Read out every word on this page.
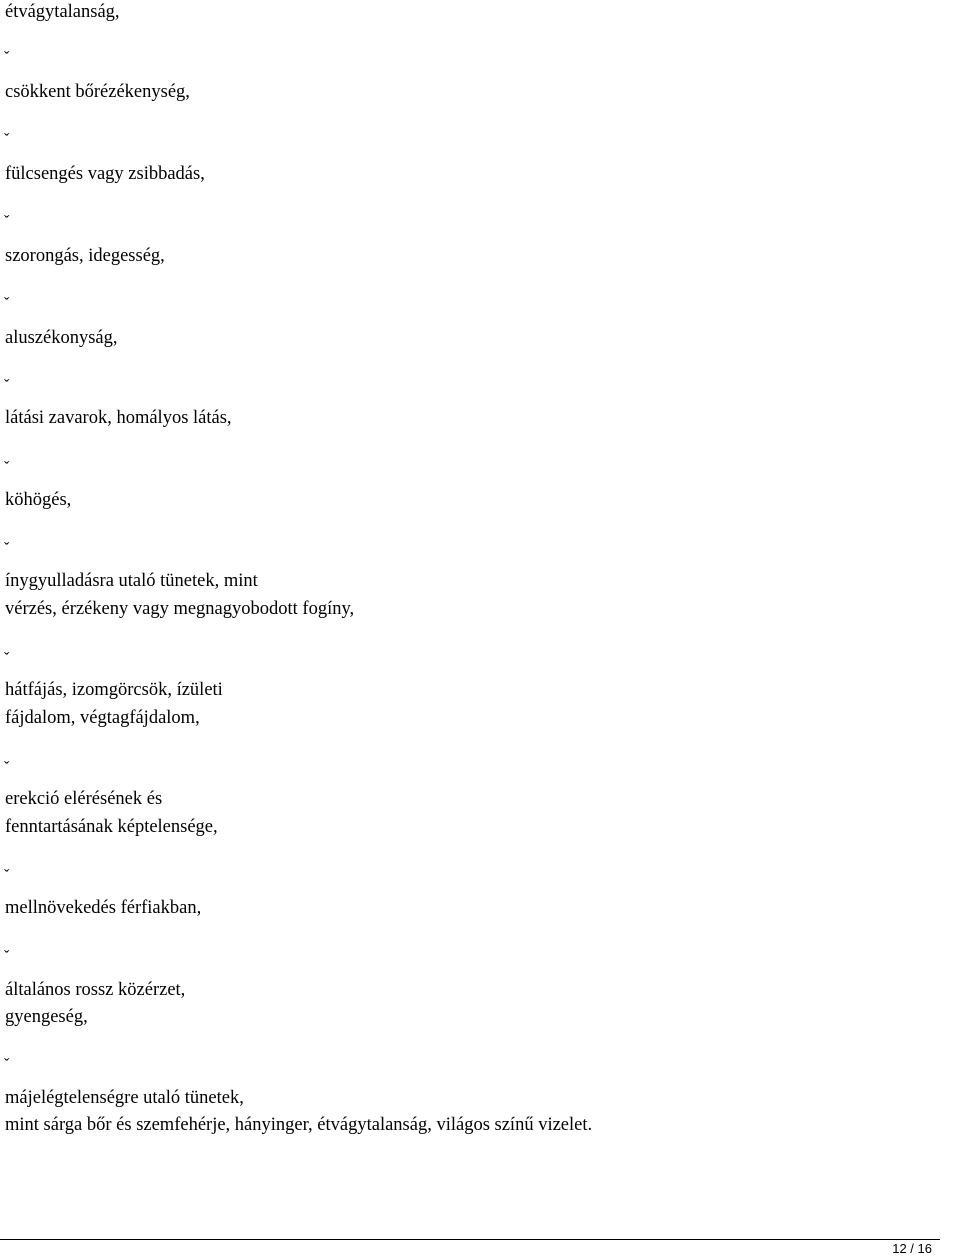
étvágytalanság,
ˇ
csökkent bőrézékenység,
ˇ
fülcsengés vagy zsibbadás,
ˇ
szorongás, idegesség,
ˇ
aluszékonyság,
ˇ
látási zavarok, homályos látás,
ˇ
köhögés,
ˇ
ínygyulladásra utaló tünetek, mint
vérzés, érzékeny vagy megnagyobodott fogíny,
ˇ
hátfájás, izomgörcsök, ízületi
fájdalom, végtagfájdalom,
ˇ
erekció elérésének és
fenntartásának képtelensége,
ˇ
mellnövekedés férfiakban,
ˇ
általános rossz közérzet,
gyengeség,
ˇ
májelégtelenségre utaló tünetek,
mint sárga bőr és szemfehérje, hányinger, étvágytalanság, világos színű vizelet.
12 / 16
